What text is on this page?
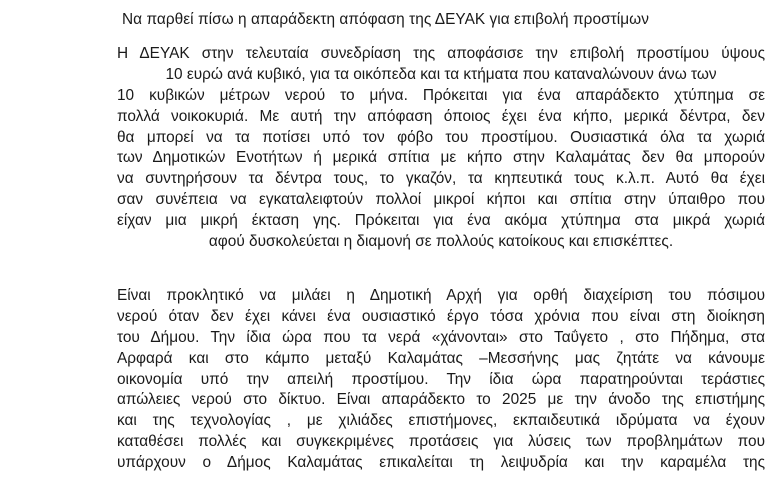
Να παρθεί πίσω η απαράδεκτη απόφαση της ΔΕΥΑΚ για επιβολή προστίμων
Η ΔΕΥΑΚ στην τελευταία συνεδρίαση της αποφάσισε την επιβολή προστίμου ύψους
10 ευρώ ανά κυβικό, για τα οικόπεδα και τα κτήματα που καταναλώνουν άνω των
10 κυβικών μέτρων νερού το μήνα. Πρόκειται για ένα απαράδεκτο χτύπημα σε
πολλά νοικοκυριά. Με αυτή την απόφαση όποιος έχει ένα κήπο, μερικά δέντρα, δεν
θα μπορεί να τα ποτίσει υπό τον φόβο του προστίμου. Ουσιαστικά όλα τα χωριά
των Δημοτικών Ενοτήτων ή μερικά σπίτια με κήπο στην Καλαμάτας δεν θα μπορούν
να συντηρήσουν τα δέντρα τους, το γκαζόν, τα κηπευτικά τους κ.λ.π. Αυτό θα έχει
σαν συνέπεια να εγκαταλειφτούν πολλοί μικροί κήποι και σπίτια στην ύπαιθρο που
είχαν μια μικρή έκταση γης. Πρόκειται για ένα ακόμα χτύπημα στα μικρά χωριά
αφού δυσκολεύεται η διαμονή σε πολλούς κατοίκους και επισκέπτες.
Είναι προκλητικό να μιλάει η Δημοτική Αρχή για ορθή διαχείριση του πόσιμου
νερού όταν δεν έχει κάνει ένα ουσιαστικό έργο τόσα χρόνια που είναι στη διοίκηση
του Δήμου. Την ίδια ώρα που τα νερά «χάνονται» στο Ταΰγετο , στο Πήδημα, στα
Αρφαρά και στο κάμπο μεταξύ Καλαμάτας –Μεσσήνης μας ζητάτε να κάνουμε
οικονομία υπό την απειλή προστίμου. Την ίδια ώρα παρατηρούνται τεράστιες
απώλειες νερού στο δίκτυο. Είναι απαράδεκτο το 2025 με την άνοδο της επιστήμης
και της τεχνολογίας , με χιλιάδες επιστήμονες, εκπαιδευτικά ιδρύματα να έχουν
καταθέσει πολλές και συγκεκριμένες προτάσεις για λύσεις των προβλημάτων που
υπάρχουν ο Δήμος Καλαμάτας επικαλείται τη λειψυδρία και την καραμέλα της
